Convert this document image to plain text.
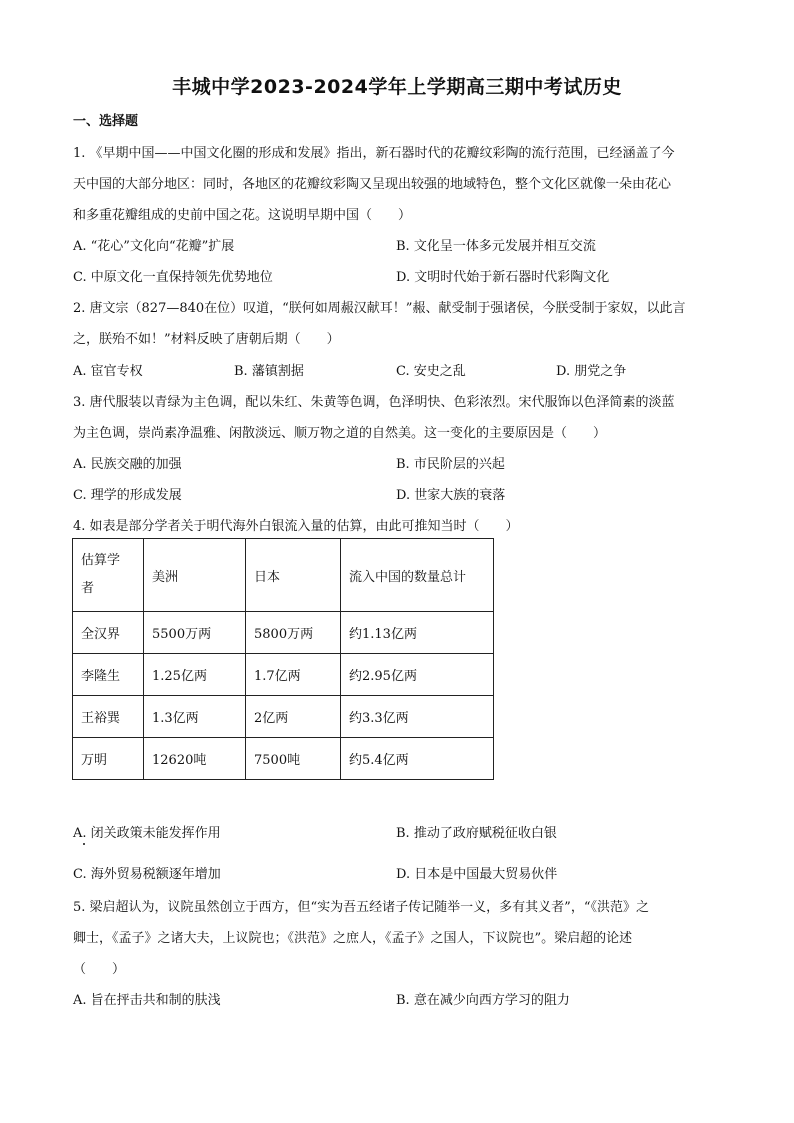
丰城中学2023-2024学年上学期高三期中考试历史
一、选择题
1. 《早期中国——中国文化圈的形成和发展》指出，新石器时代的花瓣纹彩陶的流行范围，已经涵盖了今
天中国的大部分地区：同时，各地区的花瓣纹彩陶又呈现出较强的地域特色，整个文化区就像一朵由花心
和多重花瓣组成的史前中国之花。这说明早期中国（　　）
A. “花心”文化向“花瓣”扩展	B. 文化呈一体多元发展并相互交流
C. 中原文化一直保持领先优势地位	D. 文明时代始于新石器时代彩陶文化
2. 唐文宗（827—840在位）叹道，“朕何如周赧汉献耳！”赧、献受制于强诸侯，今朕受制于家奴，以此言
之，朕殆不如！”材料反映了唐朝后期（　　）
A. 宦官专权	B. 藩镇割据	C. 安史之乱	D. 朋党之争
3. 唐代服装以青绿为主色调，配以朱红、朱黄等色调，色泽明快、色彩浓烈。宋代服饰以色泽简素的淡蓝
为主色调，崇尚素净温雅、闲散淡远、顺万物之道的自然美。这一变化的主要原因是（　　）
A. 民族交融的加强	B. 市民阶层的兴起
C. 理学的形成发展	D. 世家大族的衰落
4. 如表是部分学者关于明代海外白银流入量的估算，由此可推知当时（　　）
估算学
者	美洲	日本	流入中国的数量总计
全汉界	5500万两	5800万两	约1.13亿两
李隆生	1.25亿两	1.7亿两	约2.95亿两
王裕巽	1.3亿两	2亿两	约3.3亿两
万明	12620吨	7500吨	约5.4亿两
A. 闭关政策未能发挥作用	B. 推动了政府赋税征收白银
C. 海外贸易税额逐年增加	D. 日本是中国最大贸易伙伴
5. 梁启超认为，议院虽然创立于西方，但“实为吾五经诸子传记随举一义，多有其义者”，“《洪范》之
卿士，《孟子》之诸大夫，上议院也；《洪范》之庶人，《孟子》之国人，下议院也”。梁启超的论述
（　　）
A. 旨在抨击共和制的肤浅	B. 意在减少向西方学习的阻力
